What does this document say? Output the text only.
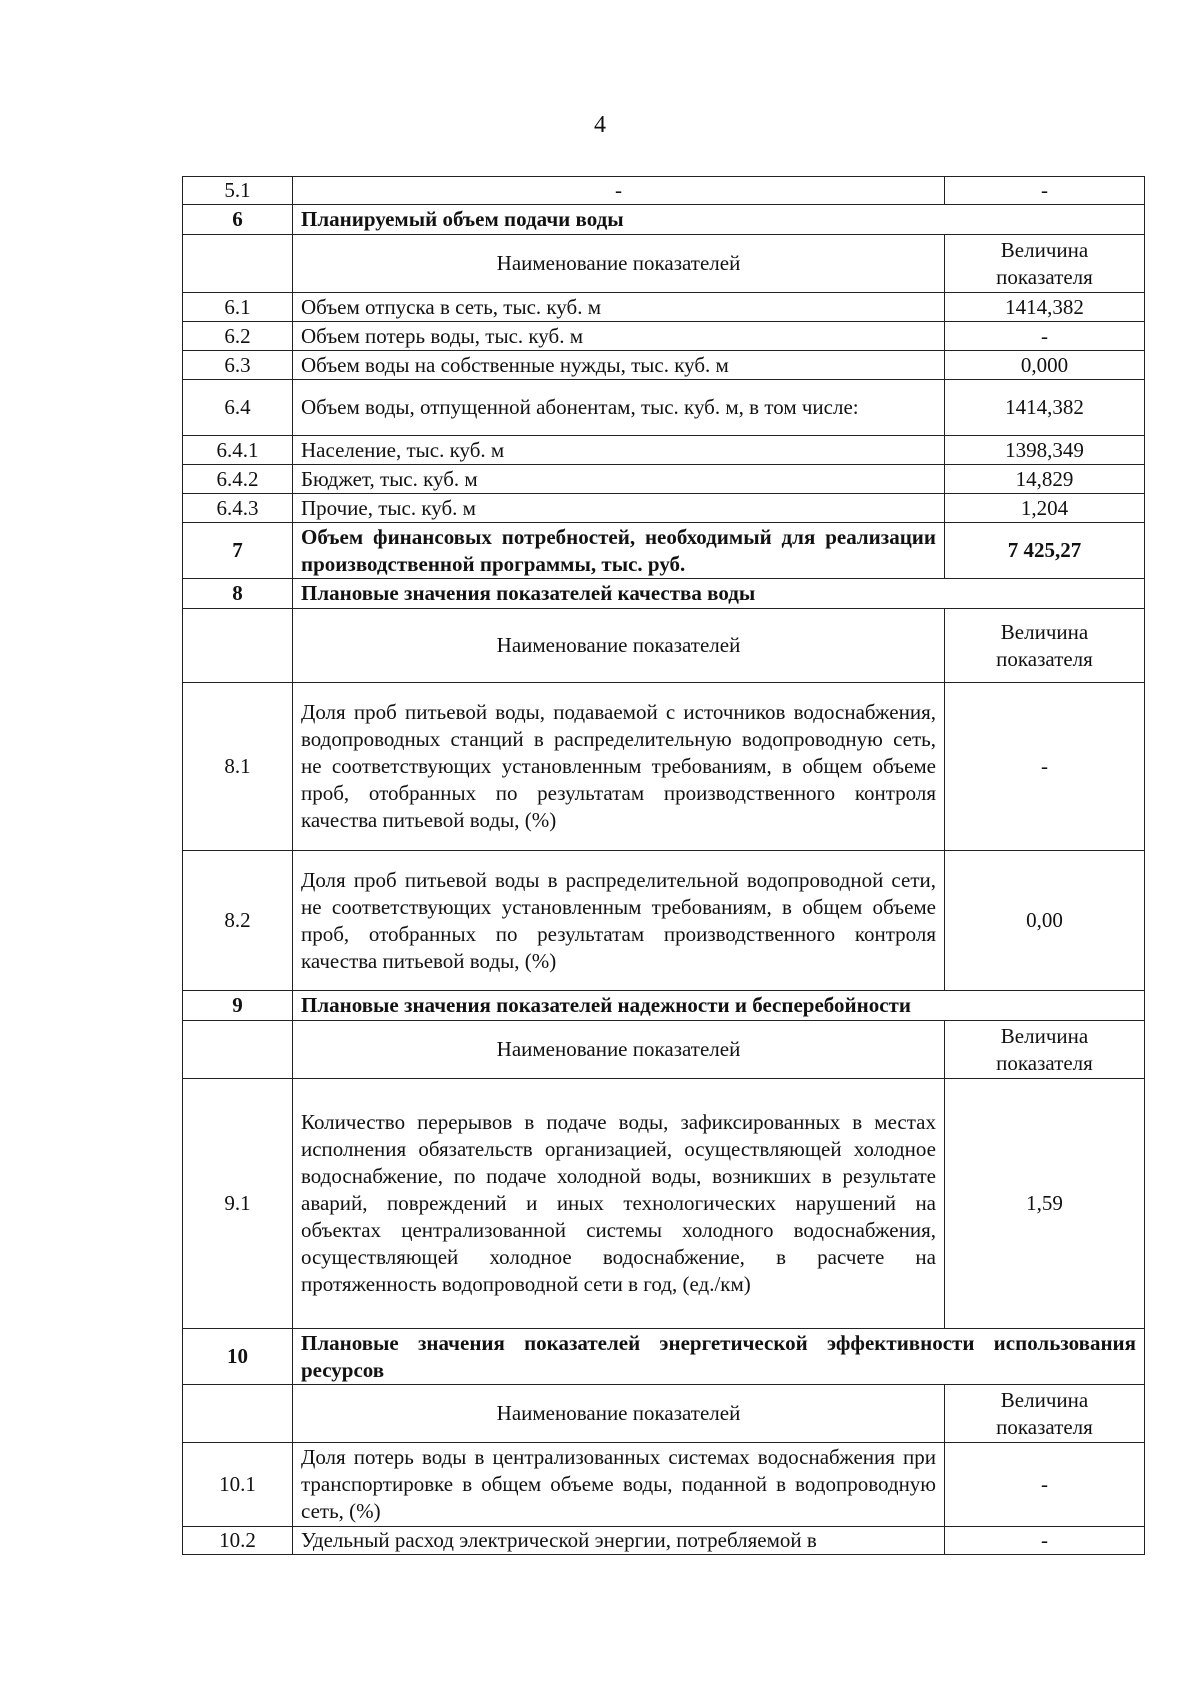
4
5.1	-	-
6	Планируемый объем подачи воды	
	Наименование показателей	Величина показателя
6.1	Объем отпуска в сеть, тыс. куб. м	1414,382
6.2	Объем потерь воды, тыс. куб. м	-
6.3	Объем воды на собственные нужды, тыс. куб. м	0,000
6.4	Объем воды, отпущенной абонентам, тыс. куб. м, в том числе:	1414,382
6.4.1	Население, тыс. куб. м	1398,349
6.4.2	Бюджет, тыс. куб. м	14,829
6.4.3	Прочие, тыс. куб. м	1,204
7	Объем финансовых потребностей, необходимый для реализации производственной программы, тыс. руб.	7 425,27
8	Плановые значения показателей качества воды	
	Наименование показателей	Величина показателя
8.1	Доля проб питьевой воды, подаваемой с источников водоснабжения, водопроводных станций в распределительную водопроводную сеть, не соответствующих установленным требованиям, в общем объеме проб, отобранных по результатам производственного контроля качества питьевой воды, (%)	-
8.2	Доля проб питьевой воды в распределительной водопроводной сети, не соответствующих установленным требованиям, в общем объеме проб, отобранных по результатам производственного контроля качества питьевой воды, (%)	0,00
9	Плановые значения показателей надежности и бесперебойности	
	Наименование показателей	Величина показателя
9.1	Количество перерывов в подаче воды, зафиксированных в местах исполнения обязательств организацией, осуществляющей холодное водоснабжение, по подаче холодной воды, возникших в результате аварий, повреждений и иных технологических нарушений на объектах централизованной системы холодного водоснабжения, осуществляющей холодное водоснабжение, в расчете на протяженность водопроводной сети в год, (ед./км)	1,59
10	Плановые значения показателей энергетической эффективности использования ресурсов	
	Наименование показателей	Величина показателя
10.1	Доля потерь воды в централизованных системах водоснабжения при транспортировке в общем объеме воды, поданной в водопроводную сеть, (%)	-
10.2	Удельный расход электрической энергии, потребляемой в	-
